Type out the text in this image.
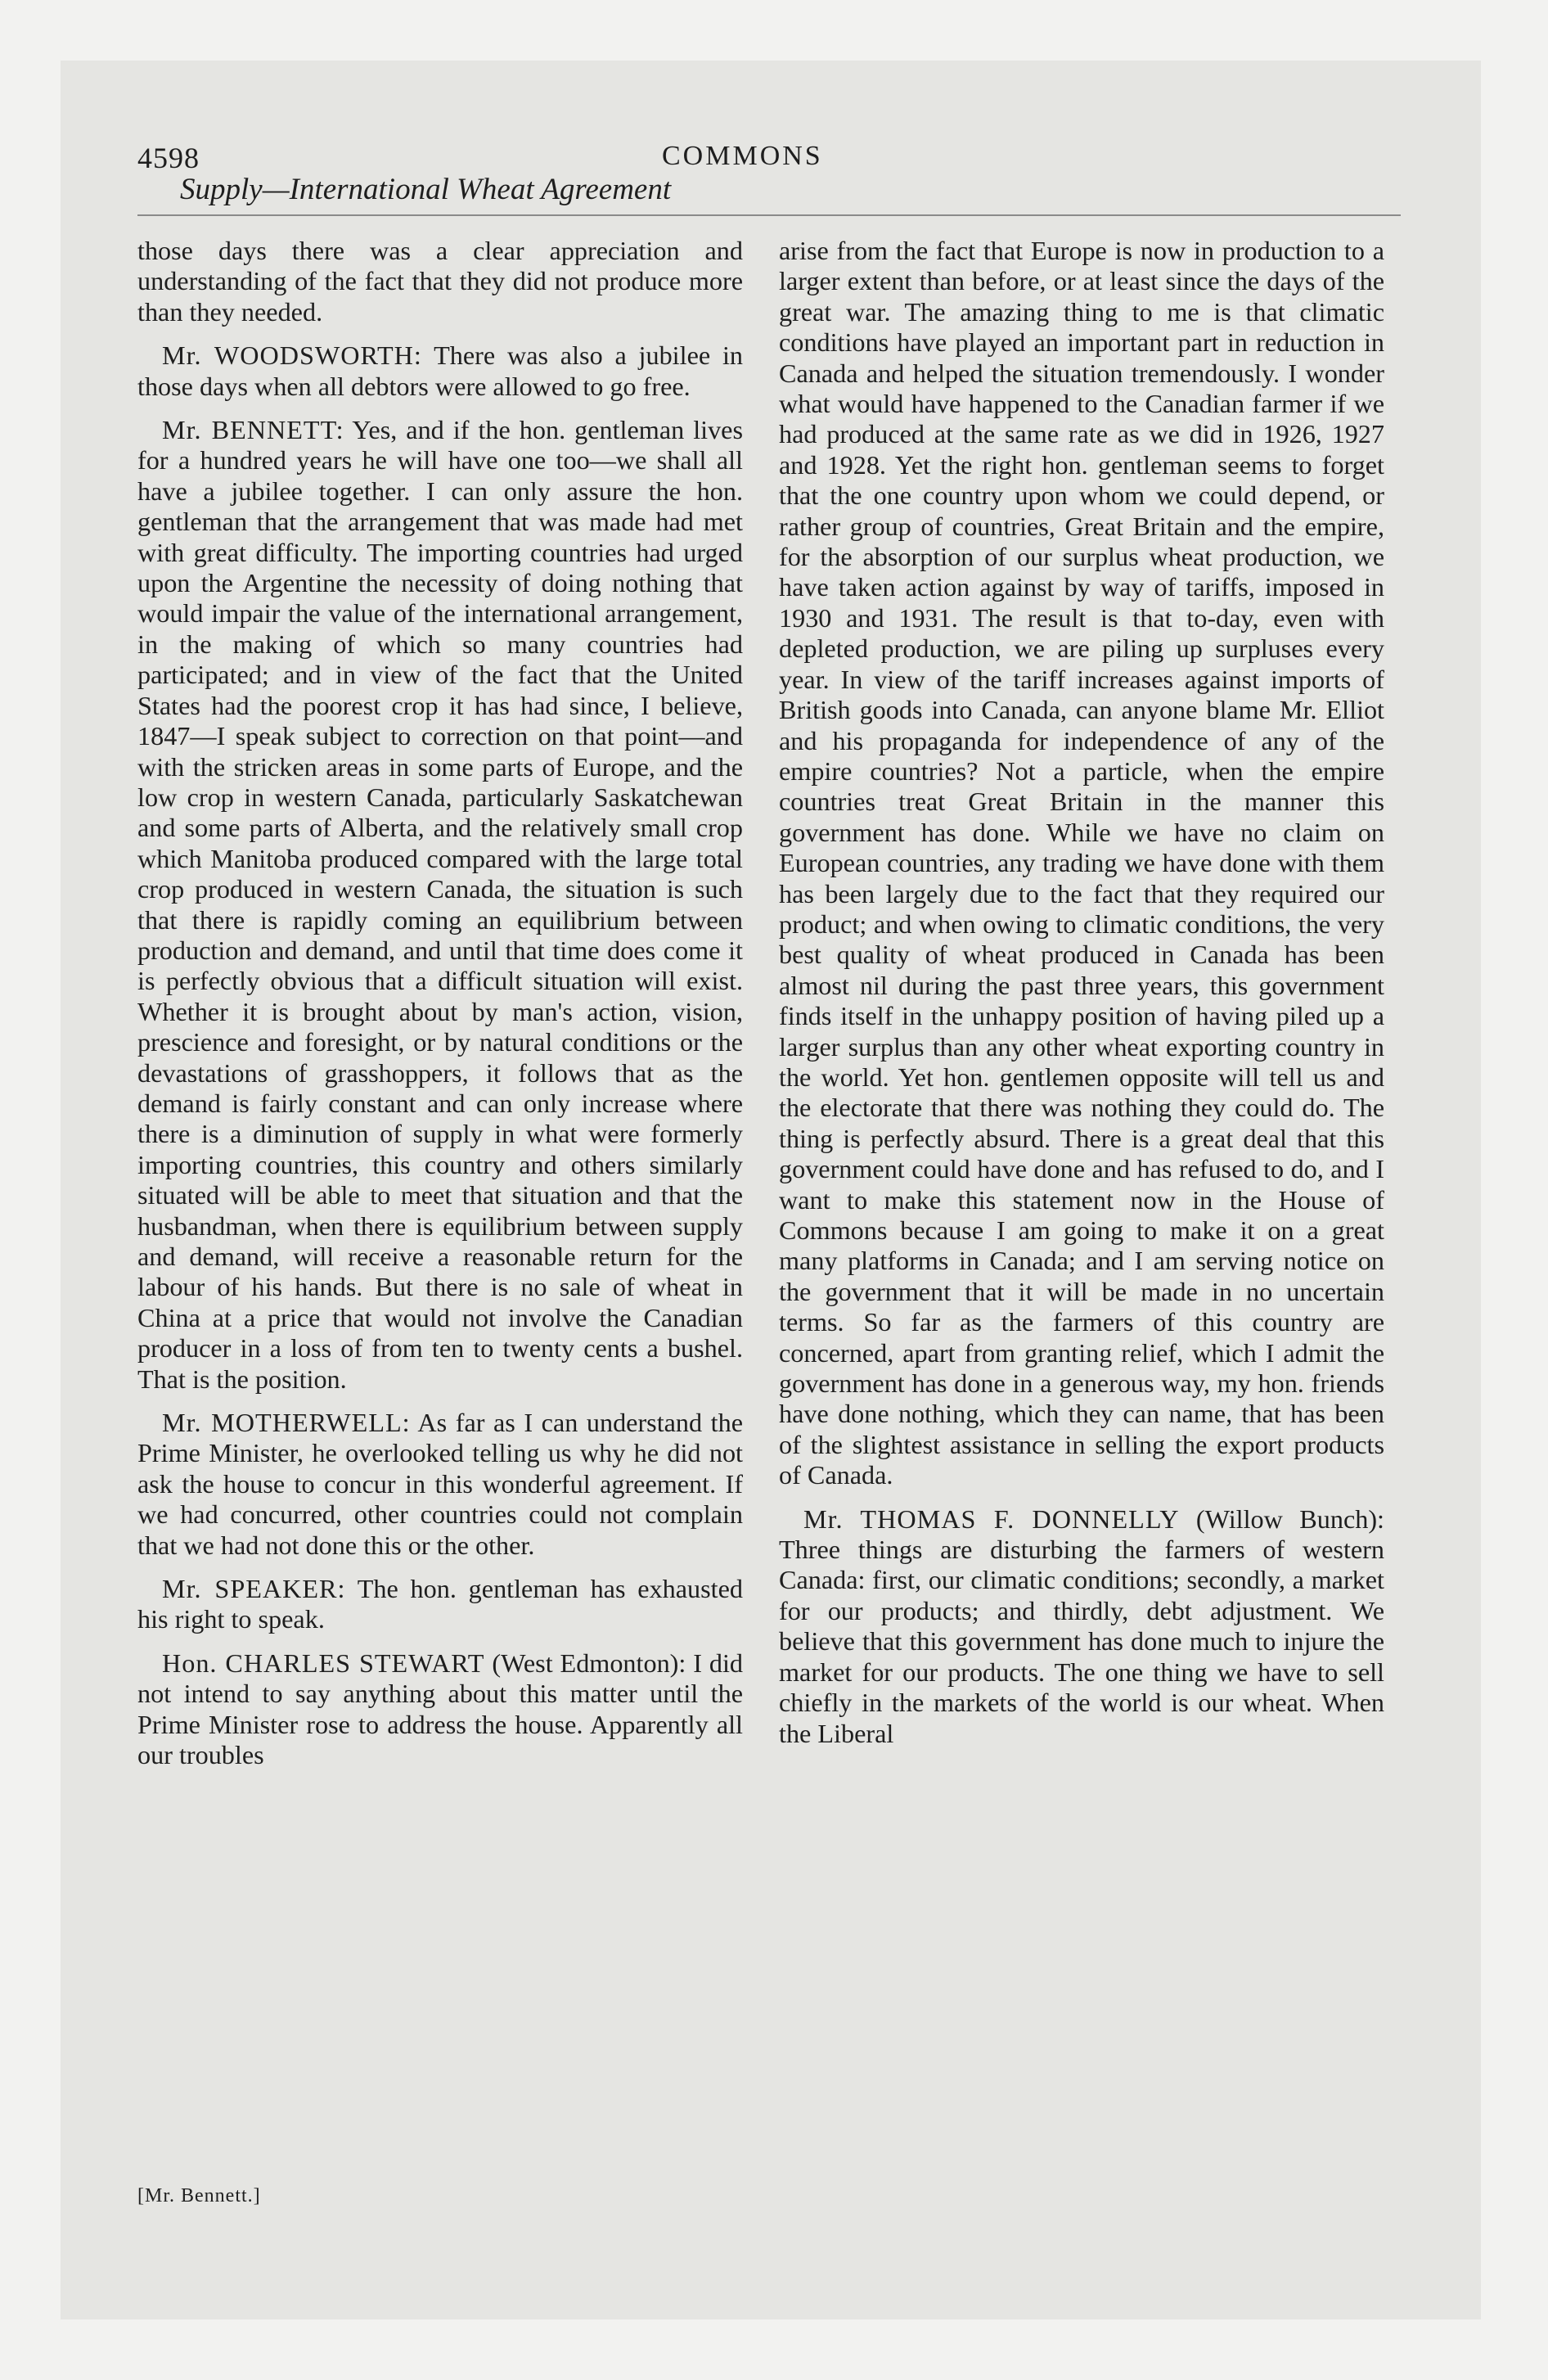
4598	COMMONS
Supply—International Wheat Agreement

those days there was a clear appreciation and understanding of the fact that they did not produce more than they needed.

Mr. WOODSWORTH: There was also a jubilee in those days when all debtors were allowed to go free.

Mr. BENNETT: Yes, and if the hon. gentleman lives for a hundred years he will have one too—we shall all have a jubilee together. I can only assure the hon. gentleman that the arrangement that was made had met with great difficulty. The importing countries had urged upon the Argentine the necessity of doing nothing that would impair the value of the international arrangement, in the making of which so many countries had participated; and in view of the fact that the United States had the poorest crop it has had since, I believe, 1847—I speak subject to correction on that point—and with the stricken areas in some parts of Europe, and the low crop in western Canada, particularly Saskatchewan and some parts of Alberta, and the relatively small crop which Manitoba produced compared with the large total crop produced in western Canada, the situation is such that there is rapidly coming an equilibrium between production and demand, and until that time does come it is perfectly obvious that a difficult situation will exist. Whether it is brought about by man's action, vision, prescience and foresight, or by natural conditions or the devastations of grasshoppers, it follows that as the demand is fairly constant and can only increase where there is a diminution of supply in what were formerly importing countries, this country and others similarly situated will be able to meet that situation and that the husbandman, when there is equilibrium between supply and demand, will receive a reasonable return for the labour of his hands. But there is no sale of wheat in China at a price that would not involve the Canadian producer in a loss of from ten to twenty cents a bushel. That is the position.

Mr. MOTHERWELL: As far as I can understand the Prime Minister, he overlooked telling us why he did not ask the house to concur in this wonderful agreement. If we had concurred, other countries could not complain that we had not done this or the other.

Mr. SPEAKER: The hon. gentleman has exhausted his right to speak.

Hon. CHARLES STEWART (West Edmonton): I did not intend to say anything about this matter until the Prime Minister rose to address the house. Apparently all our troubles

arise from the fact that Europe is now in production to a larger extent than before, or at least since the days of the great war. The amazing thing to me is that climatic conditions have played an important part in reduction in Canada and helped the situation tremendously. I wonder what would have happened to the Canadian farmer if we had produced at the same rate as we did in 1926, 1927 and 1928. Yet the right hon. gentleman seems to forget that the one country upon whom we could depend, or rather group of countries, Great Britain and the empire, for the absorption of our surplus wheat production, we have taken action against by way of tariffs, imposed in 1930 and 1931. The result is that to-day, even with depleted production, we are piling up surpluses every year. In view of the tariff increases against imports of British goods into Canada, can anyone blame Mr. Elliot and his propaganda for independence of any of the empire countries? Not a particle, when the empire countries treat Great Britain in the manner this government has done. While we have no claim on European countries, any trading we have done with them has been largely due to the fact that they required our product; and when owing to climatic conditions, the very best quality of wheat produced in Canada has been almost nil during the past three years, this government finds itself in the unhappy position of having piled up a larger surplus than any other wheat exporting country in the world. Yet hon. gentlemen opposite will tell us and the electorate that there was nothing they could do. The thing is perfectly absurd. There is a great deal that this government could have done and has refused to do, and I want to make this statement now in the House of Commons because I am going to make it on a great many platforms in Canada; and I am serving notice on the government that it will be made in no uncertain terms. So far as the farmers of this country are concerned, apart from granting relief, which I admit the government has done in a generous way, my hon. friends have done nothing, which they can name, that has been of the slightest assistance in selling the export products of Canada.

Mr. THOMAS F. DONNELLY (Willow Bunch): Three things are disturbing the farmers of western Canada: first, our climatic conditions; secondly, a market for our products; and thirdly, debt adjustment. We believe that this government has done much to injure the market for our products. The one thing we have to sell chiefly in the markets of the world is our wheat. When the Liberal

[Mr. Bennett.]
